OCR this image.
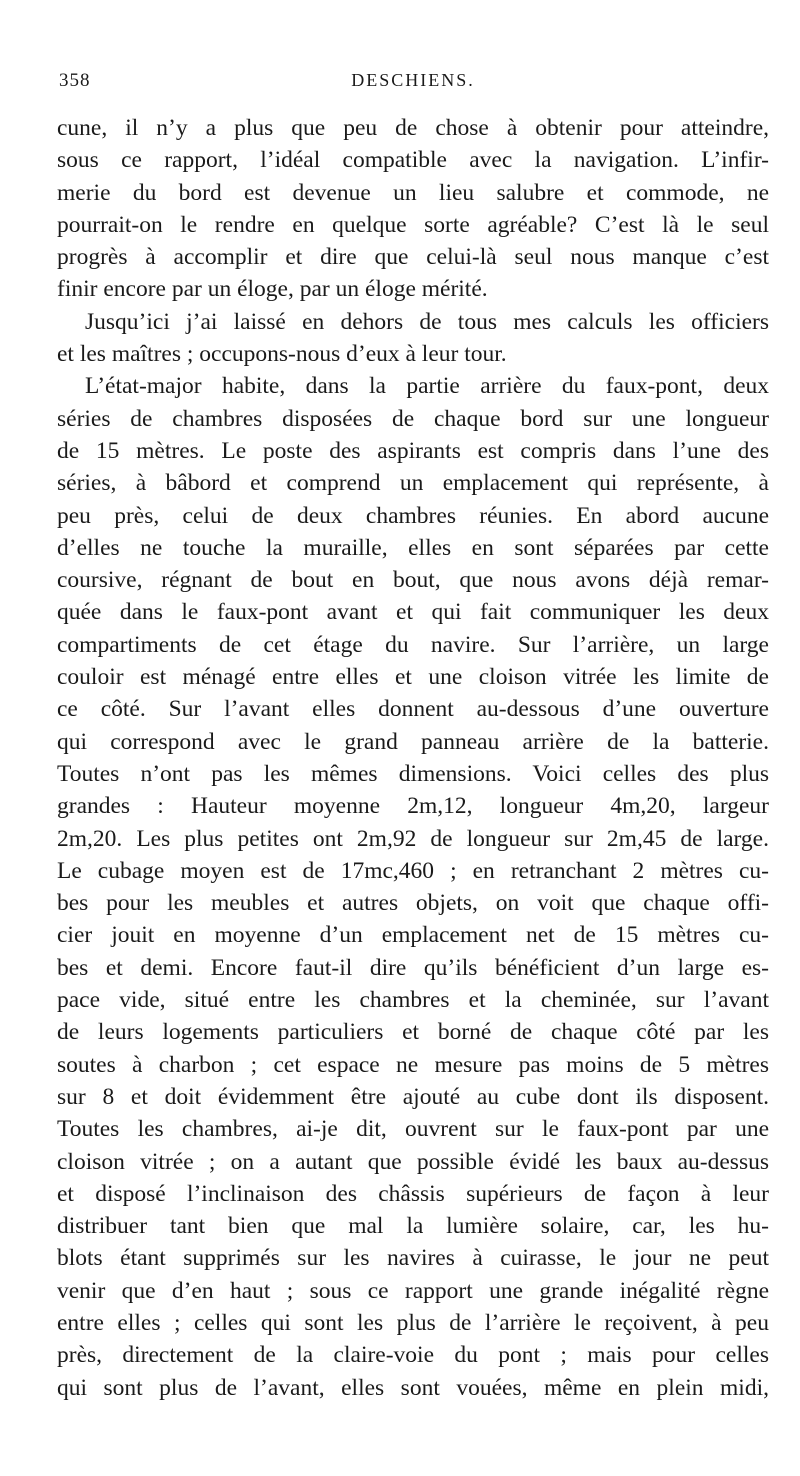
358	DESCHIENS.
cune, il n’y a plus que peu de chose à obtenir pour atteindre,
sous ce rapport, l’idéal compatible avec la navigation. L’infir-
merie du bord est devenue un lieu salubre et commode, ne
pourrait-on le rendre en quelque sorte agréable? C’est là le seul
progrès à accomplir et dire que celui-là seul nous manque c’est
finir encore par un éloge, par un éloge mérité.
Jusqu’ici j’ai laissé en dehors de tous mes calculs les officiers
et les maîtres ; occupons-nous d’eux à leur tour.
L’état-major habite, dans la partie arrière du faux-pont, deux
séries de chambres disposées de chaque bord sur une longueur
de 15 mètres. Le poste des aspirants est compris dans l’une des
séries, à bâbord et comprend un emplacement qui représente, à
peu près, celui de deux chambres réunies. En abord aucune
d’elles ne touche la muraille, elles en sont séparées par cette
coursive, régnant de bout en bout, que nous avons déjà remar-
quée dans le faux-pont avant et qui fait communiquer les deux
compartiments de cet étage du navire. Sur l’arrière, un large
couloir est ménagé entre elles et une cloison vitrée les limite de
ce côté. Sur l’avant elles donnent au-dessous d’une ouverture
qui correspond avec le grand panneau arrière de la batterie.
Toutes n’ont pas les mêmes dimensions. Voici celles des plus
grandes : Hauteur moyenne 2m,12, longueur 4m,20, largeur
2m,20. Les plus petites ont 2m,92 de longueur sur 2m,45 de large.
Le cubage moyen est de 17mc,460 ; en retranchant 2 mètres cu-
bes pour les meubles et autres objets, on voit que chaque offi-
cier jouit en moyenne d’un emplacement net de 15 mètres cu-
bes et demi. Encore faut-il dire qu’ils bénéficient d’un large es-
pace vide, situé entre les chambres et la cheminée, sur l’avant
de leurs logements particuliers et borné de chaque côté par les
soutes à charbon ; cet espace ne mesure pas moins de 5 mètres
sur 8 et doit évidemment être ajouté au cube dont ils disposent.
Toutes les chambres, ai-je dit, ouvrent sur le faux-pont par une
cloison vitrée ; on a autant que possible évidé les baux au-dessus
et disposé l’inclinaison des châssis supérieurs de façon à leur
distribuer tant bien que mal la lumière solaire, car, les hu-
blots étant supprimés sur les navires à cuirasse, le jour ne peut
venir que d’en haut ; sous ce rapport une grande inégalité règne
entre elles ; celles qui sont les plus de l’arrière le reçoivent, à peu
près, directement de la claire-voie du pont ; mais pour celles
qui sont plus de l’avant, elles sont vouées, même en plein midi,
